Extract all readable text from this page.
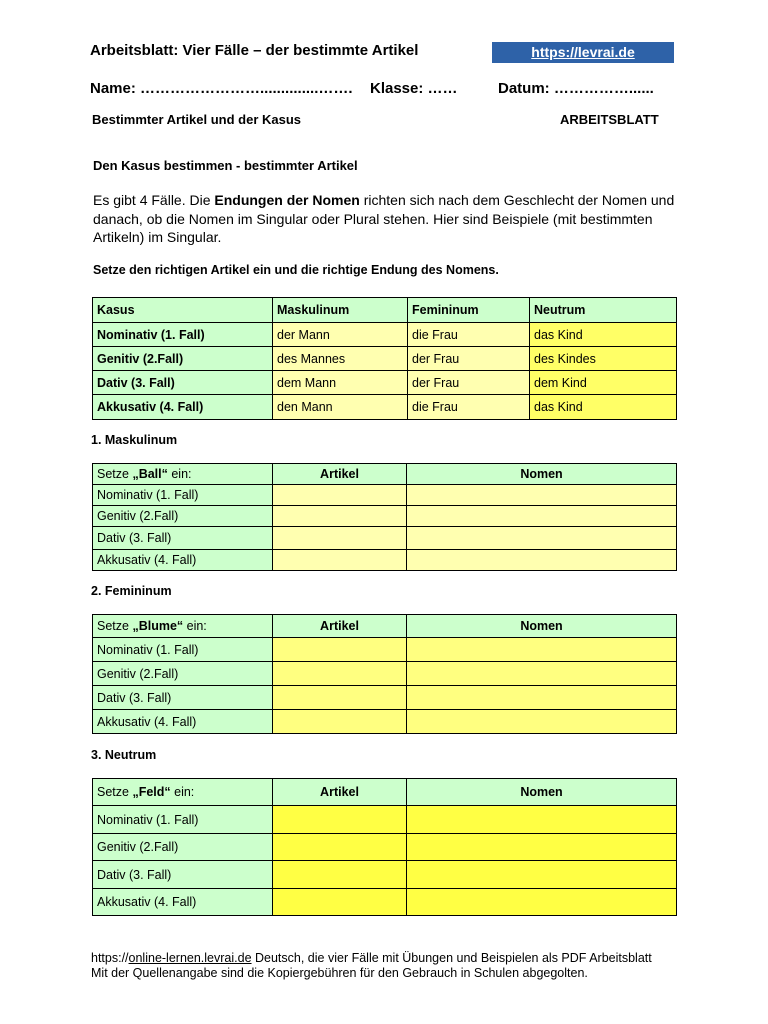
Arbeitsblatt: Vier Fälle – der bestimmte Artikel	https://levrai.de
Name: ……………………..............……. Klasse: ……	Datum: ……………......
Bestimmter Artikel und der Kasus	ARBEITSBLATT
Den Kasus bestimmen - bestimmter Artikel
Es gibt 4 Fälle. Die Endungen der Nomen richten sich nach dem Geschlecht der Nomen und danach, ob die Nomen im Singular oder Plural stehen. Hier sind Beispiele (mit bestimmten Artikeln) im Singular.
Setze den richtigen Artikel ein und die richtige Endung des Nomens.
Kasus	Maskulinum	Femininum	Neutrum
Nominativ (1. Fall)	der Mann	die Frau	das Kind
Genitiv (2.Fall)	des Mannes	der Frau	des Kindes
Dativ (3. Fall)	dem Mann	der Frau	dem Kind
Akkusativ (4. Fall)	den Mann	die Frau	das Kind
1. Maskulinum
Setze „Ball“ ein:	Artikel	Nomen
Nominativ (1. Fall)		
Genitiv (2.Fall)		
Dativ (3. Fall)		
Akkusativ (4. Fall)		
2. Femininum
Setze „Blume“ ein:	Artikel	Nomen
Nominativ (1. Fall)		
Genitiv (2.Fall)		
Dativ (3. Fall)		
Akkusativ (4. Fall)		
3. Neutrum
Setze „Feld“ ein:	Artikel	Nomen
Nominativ (1. Fall)		
Genitiv (2.Fall)		
Dativ (3. Fall)		
Akkusativ (4. Fall)		
https://online-lernen.levrai.de Deutsch, die vier Fälle mit Übungen und Beispielen als PDF Arbeitsblatt
Mit der Quellenangabe sind die Kopiergebühren für den Gebrauch in Schulen abgegolten.
